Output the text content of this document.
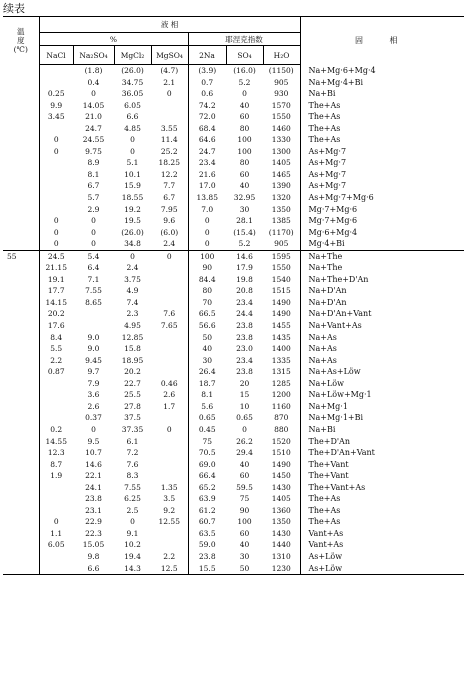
续表
温
度
(℃)	液 相							固 相
	%				耶涅克指数			
	NaCl	Na₂SO₄	MgCl₂	MgSO₄	2Na	SO₄	H₂O	
		(1.8)	(26.0)	(4.7)	(3.9)	(16.0)	(1150)	Na+Mg·6+Mg·4
		0.4	34.75	2.1	0.7	5.2	905	Na+Mg·4+Bi
	0.25	0	36.05	0	0.6	0	930	Na+Bi
	9.9	14.05	6.05		74.2	40	1570	The+As
	3.45	21.0	6.6		72.0	60	1550	The+As
		24.7	4.85	3.55	68.4	80	1460	The+As
	0	24.55	0	11.4	64.6	100	1330	The+As
	0	9.75	0	25.2	24.7	100	1300	As+Mg·7
		8.9	5.1	18.25	23.4	80	1405	As+Mg·7
		8.1	10.1	12.2	21.6	60	1465	As+Mg·7
		6.7	15.9	7.7	17.0	40	1390	As+Mg·7
		5.7	18.55	6.7	13.85	32.95	1320	As+Mg·7+Mg·6
		2.9	19.2	7.95	7.0	30	1350	Mg·7+Mg·6
	0	0	19.5	9.6	0	28.1	1385	Mg·7+Mg·6
	0	0	(26.0)	(6.0)	0	(15.4)	(1170)	Mg·6+Mg·4
	0	0	34.8	2.4	0	5.2	905	Mg·4+Bi
55	24.5	5.4	0	0	100	14.6	1595	Na+The
	21.15	6.4	2.4		90	17.9	1550	Na+The
	19.1	7.1	3.75		84.4	19.8	1540	Na+The+D'An
	17.7	7.55	4.9		80	20.8	1515	Na+D'An
	14.15	8.65	7.4		70	23.4	1490	Na+D'An
	20.2		2.3	7.6	66.5	24.4	1490	Na+D'An+Vant
	17.6		4.95	7.65	56.6	23.8	1455	Na+Vant+As
	8.4	9.0	12.85		50	23.8	1435	Na+As
	5.5	9.0	15.8		40	23.0	1400	Na+As
	2.2	9.45	18.95		30	23.4	1335	Na+As
	0.87	9.7	20.2		26.4	23.8	1315	Na+As+Löw
		7.9	22.7	0.46	18.7	20	1285	Na+Löw
		3.6	25.5	2.6	8.1	15	1200	Na+Löw+Mg·1
		2.6	27.8	1.7	5.6	10	1160	Na+Mg·1
		0.37	37.5		0.65	0.65	870	Na+Mg·1+Bi
	0.2	0	37.35	0	0.45	0	880	Na+Bi
	14.55	9.5	6.1		75	26.2	1520	The+D'An
	12.3	10.7	7.2		70.5	29.4	1510	The+D'An+Vant
	8.7	14.6	7.6		69.0	40	1490	The+Vant
	1.9	22.1	8.3		66.4	60	1450	The+Vant
		24.1	7.55	1.35	65.2	59.5	1430	The+Vant+As
		23.8	6.25	3.5	63.9	75	1405	The+As
		23.1	2.5	9.2	61.2	90	1360	The+As
	0	22.9	0	12.55	60.7	100	1350	The+As
	1.1	22.3	9.1		63.5	60	1430	Vant+As
	6.05	15.05	10.2		59.0	40	1440	Vant+As
		9.8	19.4	2.2	23.8	30	1310	As+Löw
		6.6	14.3	12.5	15.5	50	1230	As+Löw
